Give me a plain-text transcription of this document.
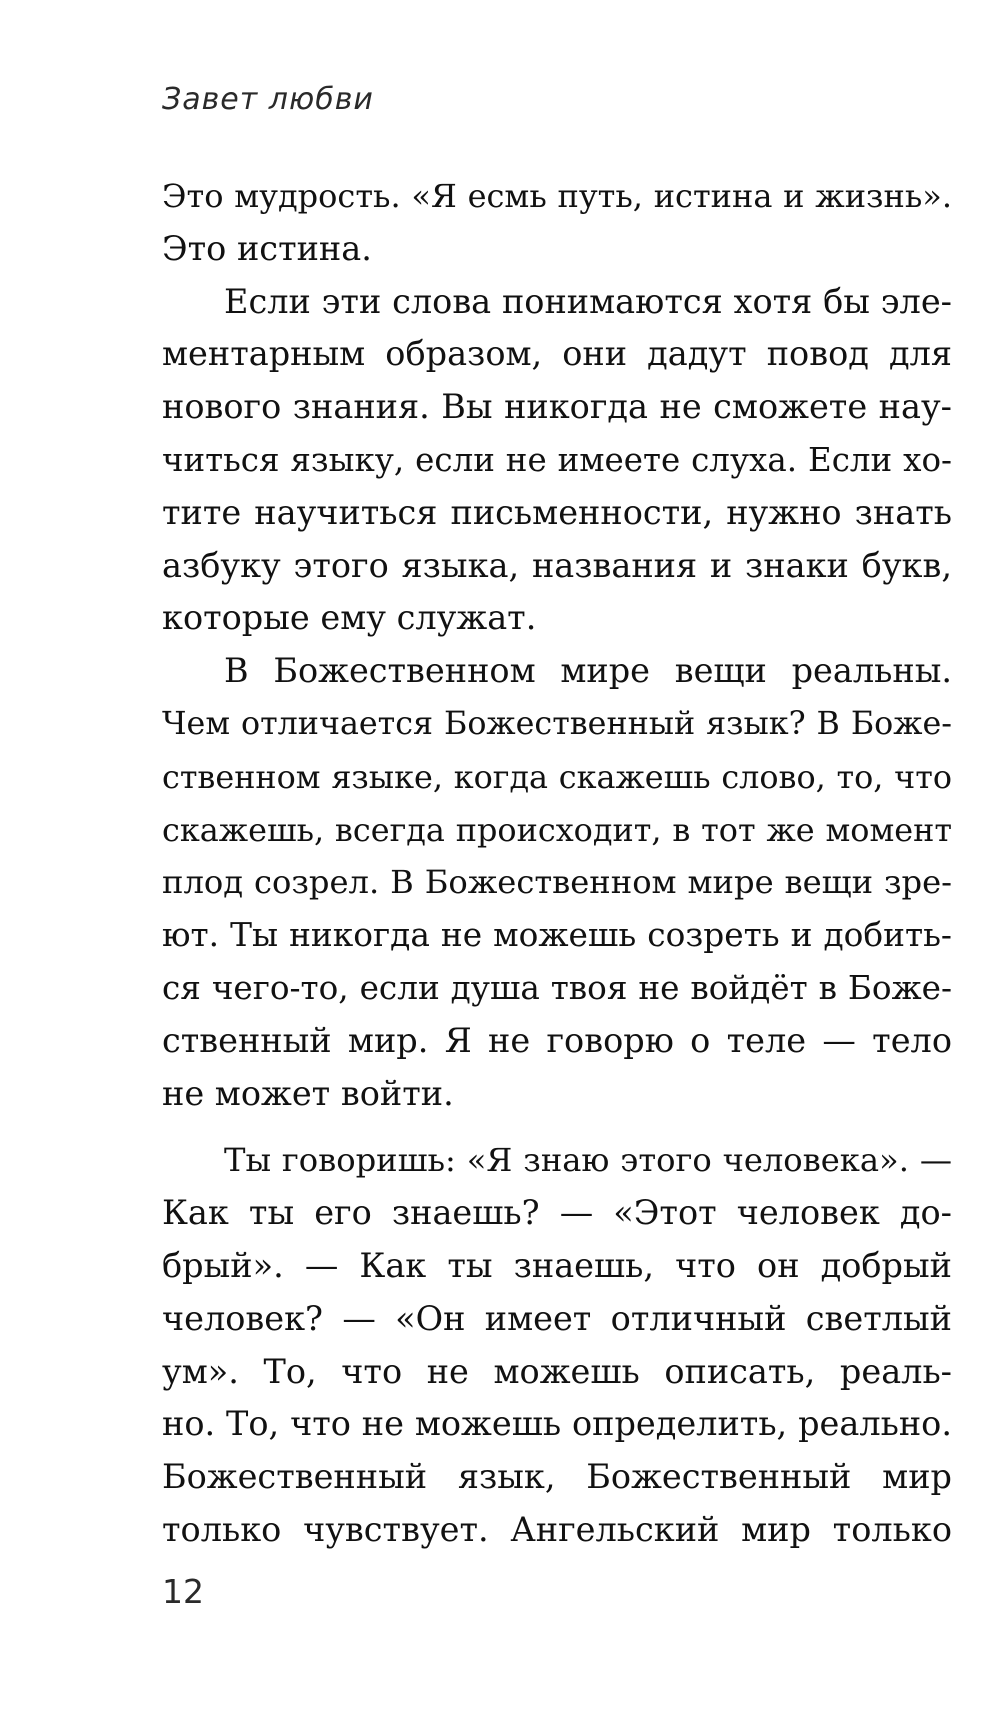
Завет любви

Это мудрость. «Я есмь путь, истина и жизнь».
Это истина.
Если эти слова понимаются хотя бы эле-
ментарным образом, они дадут повод для
нового знания. Вы никогда не сможете нау-
читься языку, если не имеете слуха. Если хо-
тите научиться письменности, нужно знать
азбуку этого языка, названия и знаки букв,
которые ему служат.
В Божественном мире вещи реальны.
Чем отличается Божественный язык? В Боже-
ственном языке, когда скажешь слово, то, что
скажешь, всегда происходит, в тот же момент
плод созрел. В Божественном мире вещи зре-
ют. Ты никогда не можешь созреть и добить-
ся чего-то, если душа твоя не войдёт в Боже-
ственный мир. Я не говорю о теле — тело
не может войти.
Ты говоришь: «Я знаю этого человека». —
Как ты его знаешь? — «Этот человек до-
брый». — Как ты знаешь, что он добрый
человек? — «Он имеет отличный светлый
ум». То, что не можешь описать, реаль-
но. То, что не можешь определить, реально.
Божественный язык, Божественный мир
только чувствует. Ангельский мир только

12
